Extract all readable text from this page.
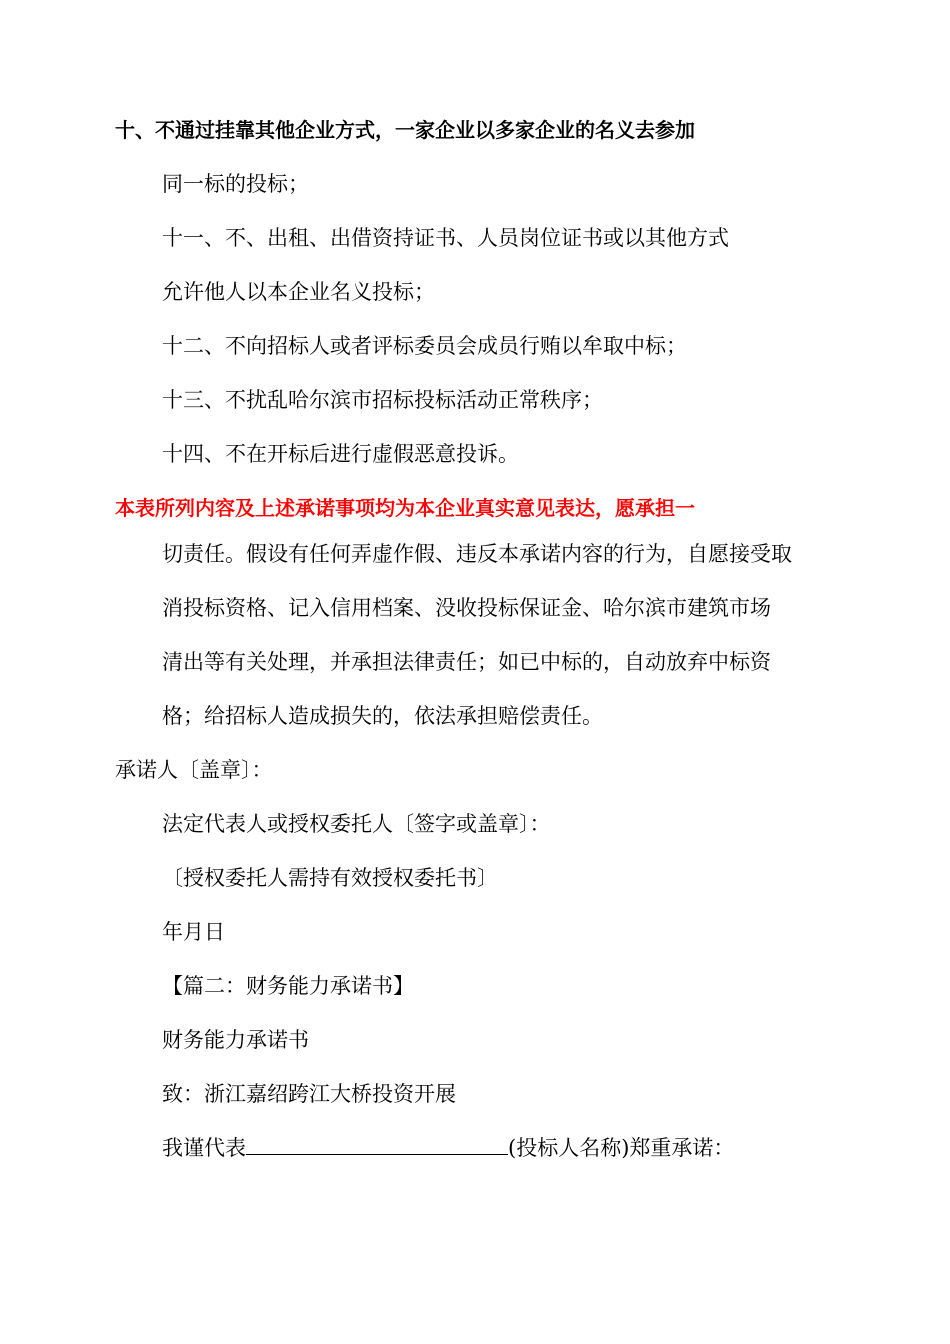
十、不通过挂靠其他企业方式，一家企业以多家企业的名义去参加
同一标的投标；
十一、不、出租、出借资持证书、人员岗位证书或以其他方式
允许他人以本企业名义投标；
十二、不向招标人或者评标委员会成员行贿以牟取中标；
十三、不扰乱哈尔滨市招标投标活动正常秩序；
十四、不在开标后进行虚假恶意投诉。
本表所列内容及上述承诺事项均为本企业真实意见表达，愿承担一
切责任。假设有任何弄虚作假、违反本承诺内容的行为，自愿接受取
消投标资格、记入信用档案、没收投标保证金、哈尔滨市建筑市场
清出等有关处理，并承担法律责任；如已中标的，自动放弃中标资
格；给招标人造成损失的，依法承担赔偿责任。
承诺人〔盖章〕：
法定代表人或授权委托人〔签字或盖章〕：
〔授权委托人需持有效授权委托书〕
年月日
【篇二：财务能力承诺书】
财务能力承诺书
致：浙江嘉绍跨江大桥投资开展
我谨代表	(投标人名称)郑重承诺：
